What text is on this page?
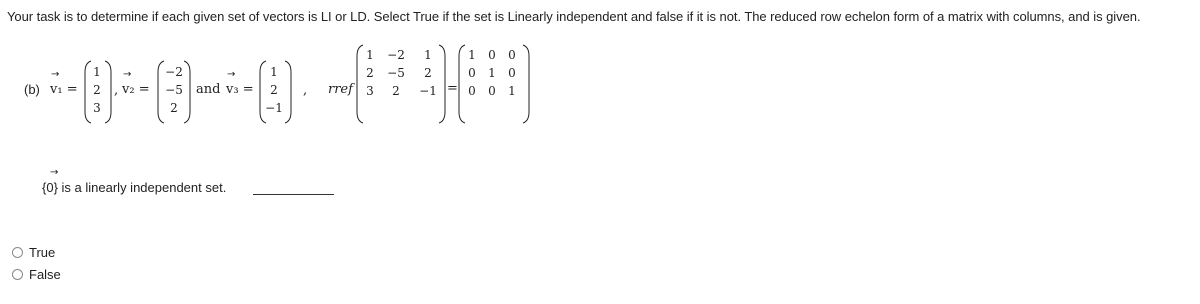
Your task is to determine if each given set of vectors is LI or LD. Select True if the set is Linearly independent and false if it is not. The reduced row echelon form of a matrix with columns, and is given.
(b)
→
v₁ =
1
2
3
,
→
v₂ =
−2
−5
2
and
→
v₃ =
1
2
−1
, rref
1
2
3
−2
−5
2
1
2
−1 =
1
0
0
0
1
0
0
0
1
→
{0} is a linearly independent set.
True
False
